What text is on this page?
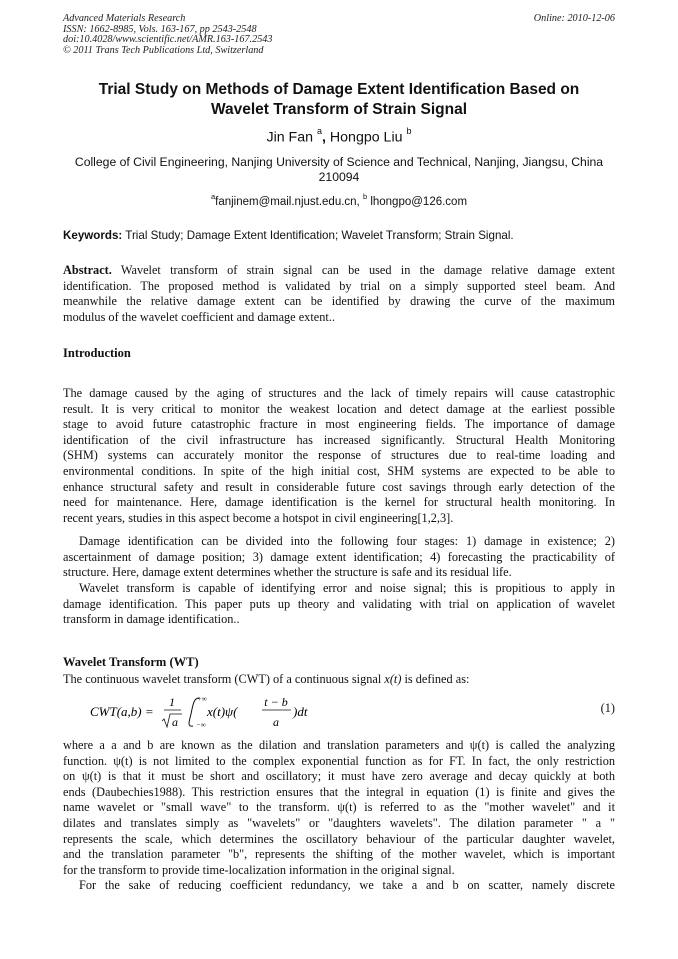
Advanced Materials Research
ISSN: 1662-8985, Vols. 163-167, pp 2543-2548
doi:10.4028/www.scientific.net/AMR.163-167.2543
© 2011 Trans Tech Publications Ltd, Switzerland
Online: 2010-12-06
Trial Study on Methods of Damage Extent Identification Based on
Wavelet Transform of Strain Signal
Jin Fan $^a$, Hongpo Liu $^b$
College of Civil Engineering, Nanjing University of Science and Technical, Nanjing, Jiangsu, China
210094
$^a$fanjinem@mail.njust.edu.cn, $^b$ lhongpo@126.com
Keywords: Trial Study; Damage Extent Identification; Wavelet Transform; Strain Signal.
Abstract. Wavelet transform of strain signal can be used in the damage relative damage extent
identification. The proposed method is validated by trial on a simply supported steel beam. And
meanwhile the relative damage extent can be identified by drawing the curve of the maximum
modulus of the wavelet coefficient and damage extent..
Introduction
The damage caused by the aging of structures and the lack of timely repairs will cause catastrophic
result. It is very critical to monitor the weakest location and detect damage at the earliest possible
stage to avoid future catastrophic fracture in most engineering fields. The importance of damage
identification of the civil infrastructure has increased significantly. Structural Health Monitoring
(SHM) systems can accurately monitor the response of structures due to real-time loading and
environmental conditions. In spite of the high initial cost, SHM systems are expected to be able to
enhance structural safety and result in considerable future cost savings through early detection of the
need for maintenance. Here, damage identification is the kernel for structural health monitoring. In
recent years, studies in this aspect become a hotspot in civil engineering[1,2,3].
Damage identification can be divided into the following four stages: 1) damage in existence; 2)
ascertainment of damage position; 3) damage extent identification; 4) forecasting the practicability of
structure. Here, damage extent determines whether the structure is safe and its residual life.
Wavelet transform is capable of identifying error and noise signal; this is propitious to apply in
damage identification. This paper puts up theory and validating with trial on application of wavelet
transform in damage identification..
Wavelet Transform (WT)
The continuous wavelet transform (CWT) of a continuous signal x(t) is defined as:
CWT(a,b) =
1
a
+∞
−∞
x(t)ψ(
t − b
a
)dt	(1)
where a a and b are known as the dilation and translation parameters and ψ(t) is called the analyzing
function. ψ(t) is not limited to the complex exponential function as for FT. In fact, the only restriction
on ψ(t) is that it must be short and oscillatory; it must have zero average and decay quickly at both
ends (Daubechies1988). This restriction ensures that the integral in equation (1) is finite and gives the
name wavelet or "small wave" to the transform. ψ(t) is referred to as the "mother wavelet" and it
dilates and translates simply as "wavelets" or "daughters wavelets". The dilation parameter " a "
represents the scale, which determines the oscillatory behaviour of the particular daughter wavelet,
and the translation parameter "b", represents the shifting of the mother wavelet, which is important
for the transform to provide time-localization information in the original signal.
For the sake of reducing coefficient redundancy, we take a and b on scatter, namely discrete
